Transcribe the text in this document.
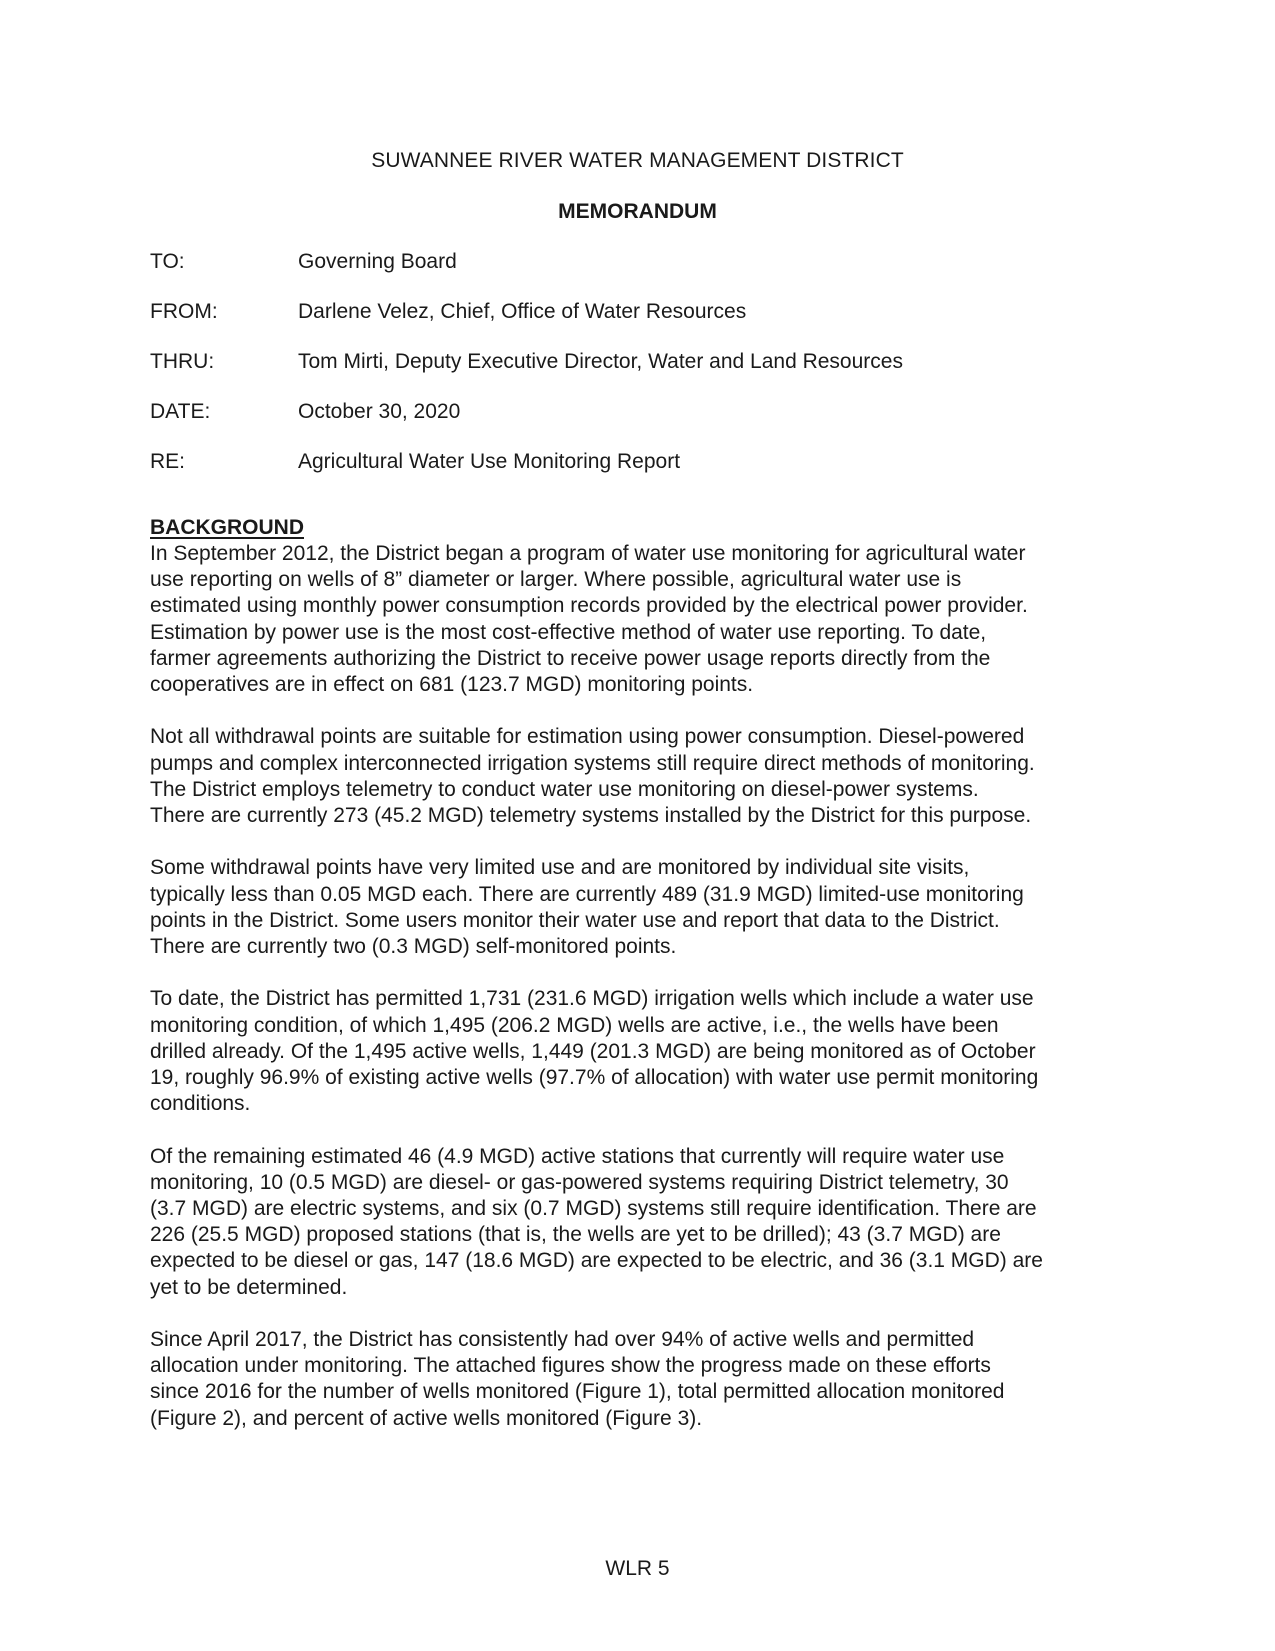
SUWANNEE RIVER WATER MANAGEMENT DISTRICT
MEMORANDUM
TO:	Governing Board
FROM:	Darlene Velez, Chief, Office of Water Resources
THRU:	Tom Mirti, Deputy Executive Director, Water and Land Resources
DATE:	October 30, 2020
RE:	Agricultural Water Use Monitoring Report
BACKGROUND

In September 2012, the District began a program of water use monitoring for agricultural water
use reporting on wells of 8” diameter or larger. Where possible, agricultural water use is
estimated using monthly power consumption records provided by the electrical power provider.
Estimation by power use is the most cost-effective method of water use reporting. To date,
farmer agreements authorizing the District to receive power usage reports directly from the
cooperatives are in effect on 681 (123.7 MGD) monitoring points.

Not all withdrawal points are suitable for estimation using power consumption. Diesel-powered
pumps and complex interconnected irrigation systems still require direct methods of monitoring.
The District employs telemetry to conduct water use monitoring on diesel-power systems.
There are currently 273 (45.2 MGD) telemetry systems installed by the District for this purpose.

Some withdrawal points have very limited use and are monitored by individual site visits,
typically less than 0.05 MGD each. There are currently 489 (31.9 MGD) limited-use monitoring
points in the District. Some users monitor their water use and report that data to the District.
There are currently two (0.3 MGD) self-monitored points.

To date, the District has permitted 1,731 (231.6 MGD) irrigation wells which include a water use
monitoring condition, of which 1,495 (206.2 MGD) wells are active, i.e., the wells have been
drilled already. Of the 1,495 active wells, 1,449 (201.3 MGD) are being monitored as of October
19, roughly 96.9% of existing active wells (97.7% of allocation) with water use permit monitoring
conditions.

Of the remaining estimated 46 (4.9 MGD) active stations that currently will require water use
monitoring, 10 (0.5 MGD) are diesel- or gas-powered systems requiring District telemetry, 30
(3.7 MGD) are electric systems, and six (0.7 MGD) systems still require identification. There are
226 (25.5 MGD) proposed stations (that is, the wells are yet to be drilled); 43 (3.7 MGD) are
expected to be diesel or gas, 147 (18.6 MGD) are expected to be electric, and 36 (3.1 MGD) are
yet to be determined.

Since April 2017, the District has consistently had over 94% of active wells and permitted
allocation under monitoring. The attached figures show the progress made on these efforts
since 2016 for the number of wells monitored (Figure 1), total permitted allocation monitored
(Figure 2), and percent of active wells monitored (Figure 3).

WLR 5
